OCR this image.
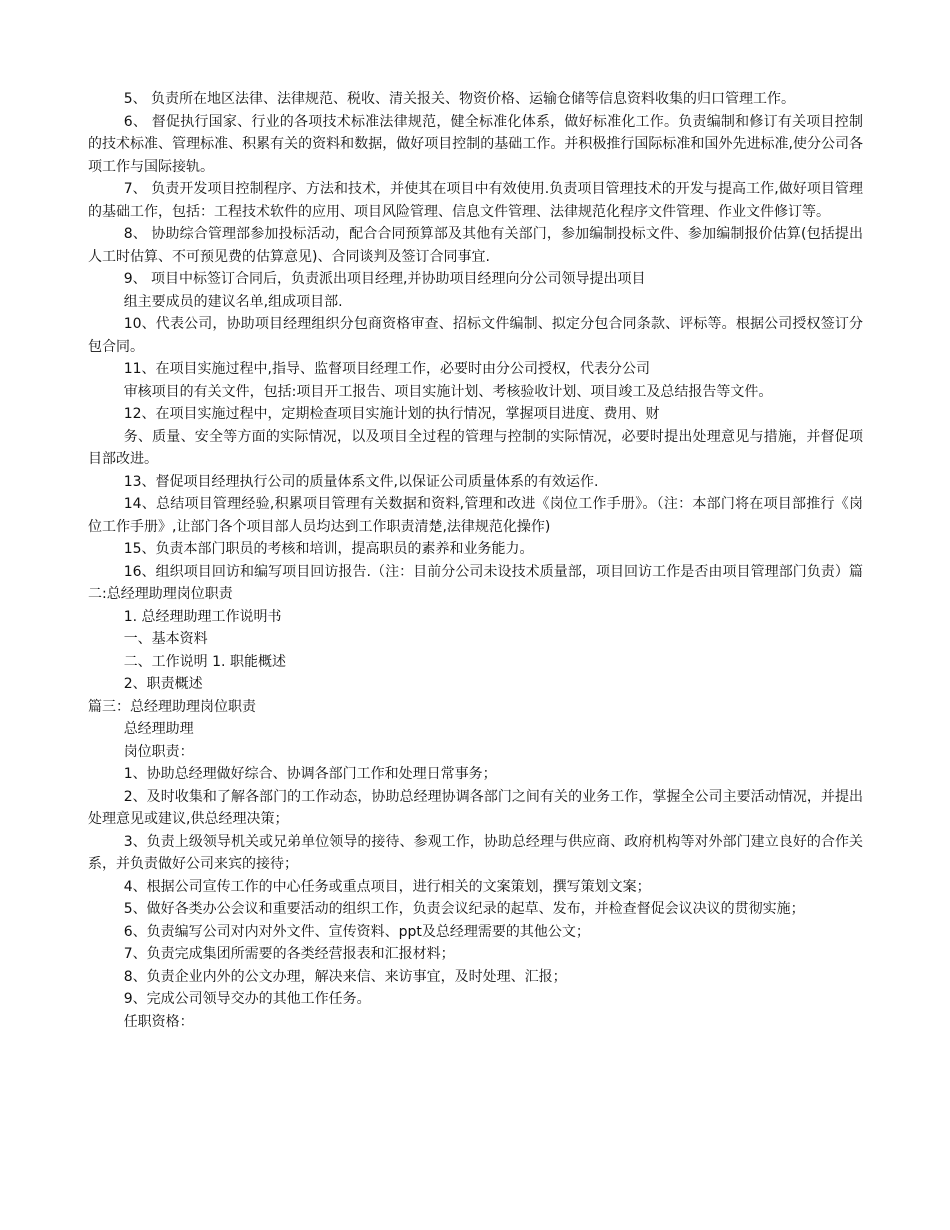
5、 负责所在地区法律、法律规范、税收、清关报关、物资价格、运输仓储等信息资料收集的归口管理工作。

6、 督促执行国家、行业的各项技术标准法律规范，健全标准化体系，做好标准化工作。负责编制和修订有关项目控制的技术标准、管理标准、积累有关的资料和数据，做好项目控制的基础工作。并积极推行国际标准和国外先进标准,使分公司各项工作与国际接轨。

7、 负责开发项目控制程序、方法和技术，并使其在项目中有效使用.负责项目管理技术的开发与提高工作,做好项目管理的基础工作，包括：工程技术软件的应用、项目风险管理、信息文件管理、法律规范化程序文件管理、作业文件修订等。

8、 协助综合管理部参加投标活动，配合合同预算部及其他有关部门，参加编制投标文件、参加编制报价估算(包括提出人工时估算、不可预见费的估算意见)、合同谈判及签订合同事宜.

9、 项目中标签订合同后，负责派出项目经理,并协助项目经理向分公司领导提出项目

组主要成员的建议名单,组成项目部.

10、代表公司，协助项目经理组织分包商资格审查、招标文件编制、拟定分包合同条款、评标等。根据公司授权签订分包合同。

11、在项目实施过程中,指导、监督项目经理工作，必要时由分公司授权，代表分公司

审核项目的有关文件，包括:项目开工报告、项目实施计划、考核验收计划、项目竣工及总结报告等文件。

12、在项目实施过程中，定期检查项目实施计划的执行情况，掌握项目进度、费用、财

务、质量、安全等方面的实际情况，以及项目全过程的管理与控制的实际情况，必要时提出处理意见与措施，并督促项目部改进。

13、督促项目经理执行公司的质量体系文件,以保证公司质量体系的有效运作.

14、总结项目管理经验,积累项目管理有关数据和资料,管理和改进《岗位工作手册》。（注：本部门将在项目部推行《岗位工作手册》,让部门各个项目部人员均达到工作职责清楚,法律规范化操作)

15、负责本部门职员的考核和培训，提高职员的素养和业务能力。

16、组织项目回访和编写项目回访报告.（注：目前分公司未设技术质量部，项目回访工作是否由项目管理部门负责）篇二:总经理助理岗位职责

1. 总经理助理工作说明书

一、基本资料

二、工作说明 1. 职能概述

2、职责概述

篇三：总经理助理岗位职责

总经理助理

岗位职责：

1、协助总经理做好综合、协调各部门工作和处理日常事务；

2、及时收集和了解各部门的工作动态，协助总经理协调各部门之间有关的业务工作，掌握全公司主要活动情况，并提出处理意见或建议,供总经理决策；

3、负责上级领导机关或兄弟单位领导的接待、参观工作，协助总经理与供应商、政府机构等对外部门建立良好的合作关系，并负责做好公司来宾的接待；

4、根据公司宣传工作的中心任务或重点项目，进行相关的文案策划，撰写策划文案；

5、做好各类办公会议和重要活动的组织工作，负责会议纪录的起草、发布，并检查督促会议决议的贯彻实施；

6、负责编写公司对内对外文件、宣传资料、ppt及总经理需要的其他公文；

7、负责完成集团所需要的各类经营报表和汇报材料；

8、负责企业内外的公文办理，解决来信、来访事宜，及时处理、汇报；

9、完成公司领导交办的其他工作任务。

任职资格：
